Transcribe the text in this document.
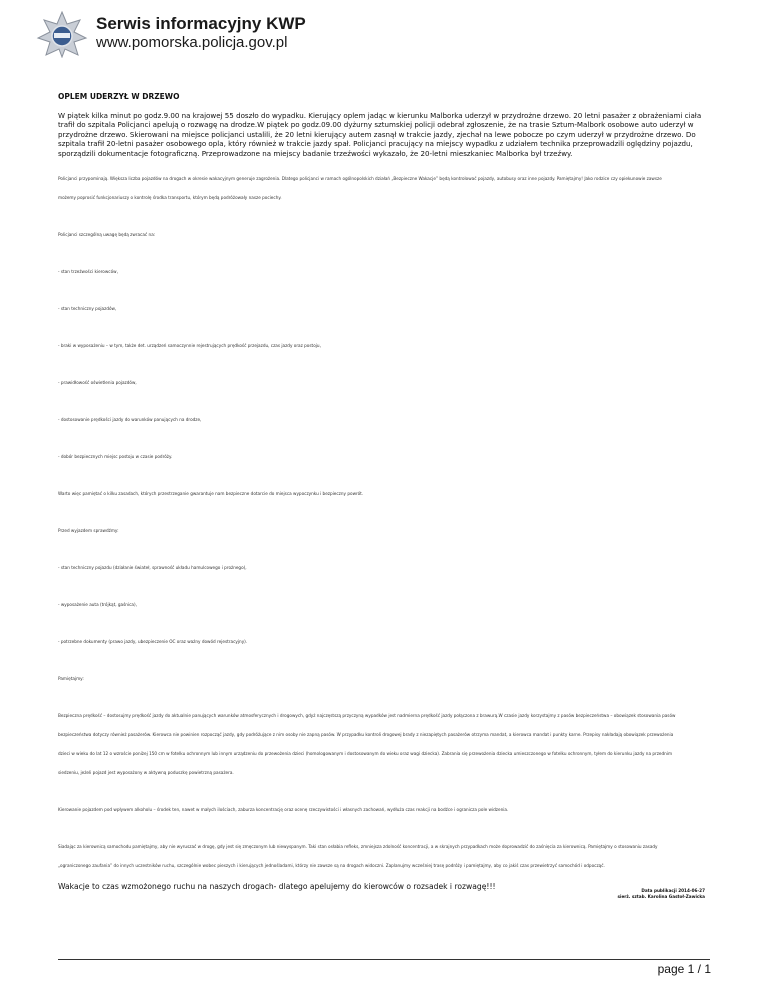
Serwis informacyjny KWP
www.pomorska.policja.gov.pl
OPLEM UDERZYŁ W DRZEWO

W piątek kilka minut po godz.9.00 na krajowej 55 doszło do wypadku. Kierujący oplem jadąc w kierunku Malborka uderzył w przydrożne drzewo. 20 letni pasażer z obrażeniami ciała trafił do szpitala Policjanci apelują o rozwagę na drodze.W piątek po godz.09.00 dyżurny sztumskiej policji odebrał zgłoszenie, że na trasie Sztum-Malbork osobowe auto uderzył w przydrożne drzewo. Skierowani na miejsce policjanci ustalili, że 20 letni kierujący autem zasnął w trakcie jazdy, zjechał na lewe pobocze po czym uderzył w przydrożne drzewo. Do szpitala trafił 20-letni pasażer osobowego opla, który również w trakcie jazdy spał. Policjanci pracujący na miejscy wypadku z udziałem technika przeprowadzili oględziny pojazdu, sporządzili dokumentacje fotograficzną. Przeprowadzone na miejscy badanie trzeźwości wykazało, że 20-letni mieszkaniec Malborka był trzeźwy.

Policjanci przypominają. Większa liczba pojazdów na drogach w okresie wakacyjnym generuje zagrożenia. Dlatego policjanci w ramach ogólnopolskich działań „Bezpieczne Wakacje” będą kontrolować pojazdy, autobusy oraz inne pojazdy. Pamiętajmy! Jako rodzice czy opiekunowie zawsze

możemy poprosić funkcjonariuszy o kontrolę środka transportu, którym będą podróżowały nasze pociechy.

Policjanci szczególną uwagę będą zwracać na:

- stan trzeźwości kierowców,

- stan techniczny pojazdów,

- braki w wyposażeniu – w tym, także det. urządzeń samoczynnie rejestrujących prędkość przejazdu, czas jazdy oraz postoju,

- prawidłowość oświetlenia pojazdów,

- dostosowanie prędkości jazdy do warunków panujących na drodze,

- dobór bezpiecznych miejsc postoju w czasie podróży.

Warto więc pamiętać o kilku zasadach, których przestrzeganie gwarantuje nam bezpieczne dotarcie do miejsca wypoczynku i bezpieczny powrót.

Przed wyjazdem sprawdźmy:

- stan techniczny pojazdu (działanie świateł, sprawność układu hamulcowego i prożnego),

- wyposażenie auta (trójkąt, gaśnica),

- potrzebne dokumenty (prawo jazdy, ubezpieczenie OC oraz ważny dowód rejestracyjny).

Pamiętajmy:

Bezpieczna prędkość – dostosujmy prędkość jazdy do aktualnie panujących warunków atmosferycznych i drogowych, gdyż najczęstszą przyczyną wypadków jest nadmierna prędkość jazdy połączona z brawurą.W czasie jazdy korzystajmy z pasów bezpieczeństwa – obowiązek stosowania pasów

bezpieczeństwa dotyczy również pasażerów. Kierowca nie powinien rozpocząć jazdy, gdy podróżujące z nim osoby nie zapną pasów. W przypadku kontroli drogowej brady z niezapiętych pasażerów otrzyma mandat, a kierowca mandat i punkty karne. Przepisy nakładają obowiązek przewożenia

dzieci w wieku do lat 12 o wzroście poniżej 150 cm w fotelku ochronnym lub innym urządzeniu do przewożenia dzieci (homologowanym i dostosowanym do wieku oraz wagi dziecka). Zabrania się przewożenia dziecka umieszczonego w fotelku ochronnym, tyłem do kierunku jazdy na przednim

siedzeniu, jeżeli pojazd jest wyposażony w aktywną poduszkę powietrzną pasażera.

Kierowanie pojazdem pod wpływem alkoholu – środek ten, nawet w małych ilościach, zaburza koncentrację oraz ocenę rzeczywistości i własnych zachowań, wydłuża czas reakcji na bodźce i ogranicza pole widzenia.

Siadając za kierownicą samochodu pamiętajmy, aby nie wyruszać w drogę, gdy jest się zmęczonym lub niewyspanym. Taki stan osłabia refleks, zmniejsza zdolność koncentracji, a w skrajnych przypadkach może doprowadzić do zaśnięcia za kierownicą. Pamiętajmy o stosowaniu zasady

„ograniczonego zaufania” do innych uczestników ruchu, szczególnie wobec pieszych i kierujących jednośladami, którzy nie zawsze są na drogach widoczni. Zaplanujmy wcześniej trasę podróży i pamiętajmy, aby co jakiś czas przewietrzyć samochód i odpocząć.

Wakacje to czas wzmożonego ruchu na naszych drogach- dlatego apelujemy do kierowców o rozsadek i rozwagę!!!	Data publikacji 2014-06-27
sierż. sztab. Karolina Gastoł-Zawicka
page 1 / 1
